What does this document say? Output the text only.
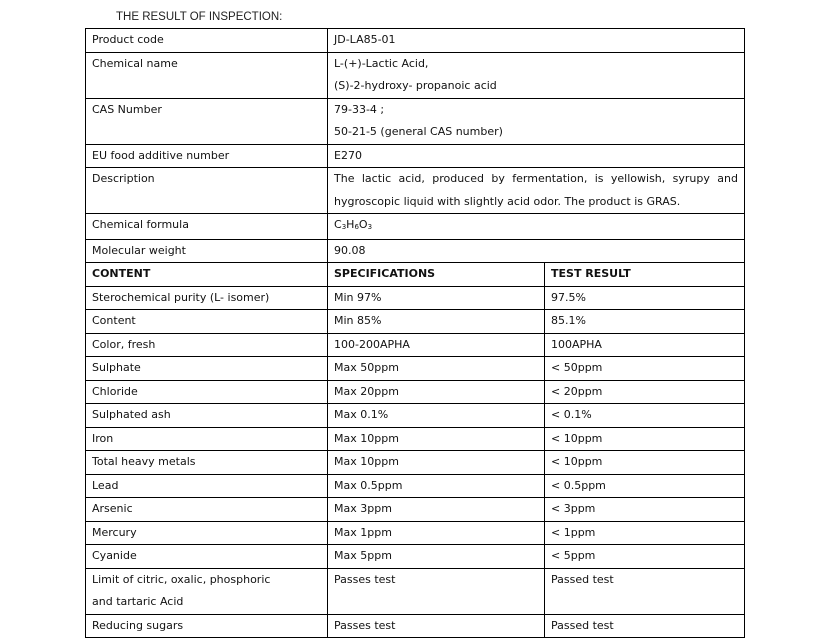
THE RESULT OF INSPECTION:
Product code	JD-LA85-01	
Chemical name	L-(+)-Lactic Acid,
(S)-2-hydroxy- propanoic acid	

CAS Number	79-33-4 ;
50-21-5 (general CAS number)	

EU food additive number	E270	
Description	The lactic acid, produced by fermentation, is yellowish, syrupy and hygroscopic liquid with slightly acid odor. The product is GRAS.	
Chemical formula	$C_3H_6O_3$
Molecular weight	90.08	
CONTENT	SPECIFICATIONS	TEST RESULT
Sterochemical purity (L- isomer)	Min 97%	97.5%
Content	Min 85%	85.1%
Color, fresh	100-200APHA	100APHA
Sulphate	Max 50ppm	< 50ppm
Chloride	Max 20ppm	< 20ppm
Sulphated ash	Max 0.1%	< 0.1%
Iron	Max 10ppm	< 10ppm
Total heavy metals	Max 10ppm	< 10ppm
Lead	Max 0.5ppm	< 0.5ppm
Arsenic	Max 3ppm	< 3ppm
Mercury	Max 1ppm	< 1ppm
Cyanide	Max 5ppm	< 5ppm

Limit of citric, oxalic, phosphoric
and tartaric Acid	Passes test	Passed test
Reducing sugars	Passes test	Passed test
